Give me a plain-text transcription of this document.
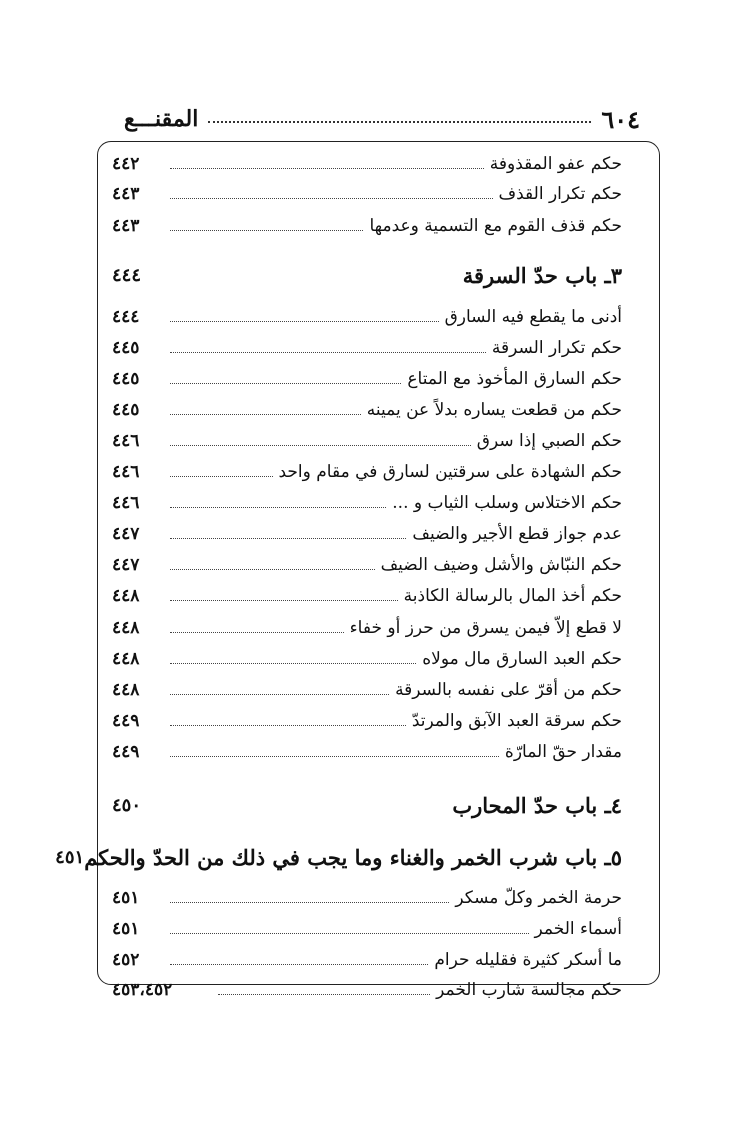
٦٠٤
المقنـــع
حكم عفو المقذوفة
٤٤٢
حكم تكرار القذف
٤٤٣
حكم قذف القوم مع التسمية وعدمها
٤٤٣
٣ـ باب حدّ السرقة
٤٤٤
أدنى ما يقطع فيه السارق
٤٤٤
حكم تكرار السرقة
٤٤٥
حكم السارق المأخوذ مع المتاع
٤٤٥
حكم من قطعت يساره بدلاً عن يمينه
٤٤٥
حكم الصبي إذا سرق
٤٤٦
حكم الشهادة على سرقتين لسارق في مقام واحد
٤٤٦
حكم الاختلاس وسلب الثياب و ...
٤٤٦
عدم جواز قطع الأجير والضيف
٤٤٧
حكم النبّاش والأشل وضيف الضيف
٤٤٧
حكم أخذ المال بالرسالة الكاذبة
٤٤٨
لا قطع إلاّ فيمن يسرق من حرز أو خفاء
٤٤٨
حكم العبد السارق مال مولاه
٤٤٨
حكم من أقرّ على نفسه بالسرقة
٤٤٨
حكم سرقة العبد الآبق والمرتدّ
٤٤٩
مقدار حقّ المارّة
٤٤٩
٤ـ باب حدّ المحارب
٤٥٠
٥ـ باب شرب الخمر والغناء وما يجب في ذلك من الحدّ والحكم
٤٥١
حرمة الخمر وكلّ مسكر
٤٥١
أسماء الخمر
٤٥١
ما أسكر كثيرة فقليله حرام
٤٥٢
حكم مجالسة شارب الخمر
٤٥٣،٤٥٢
